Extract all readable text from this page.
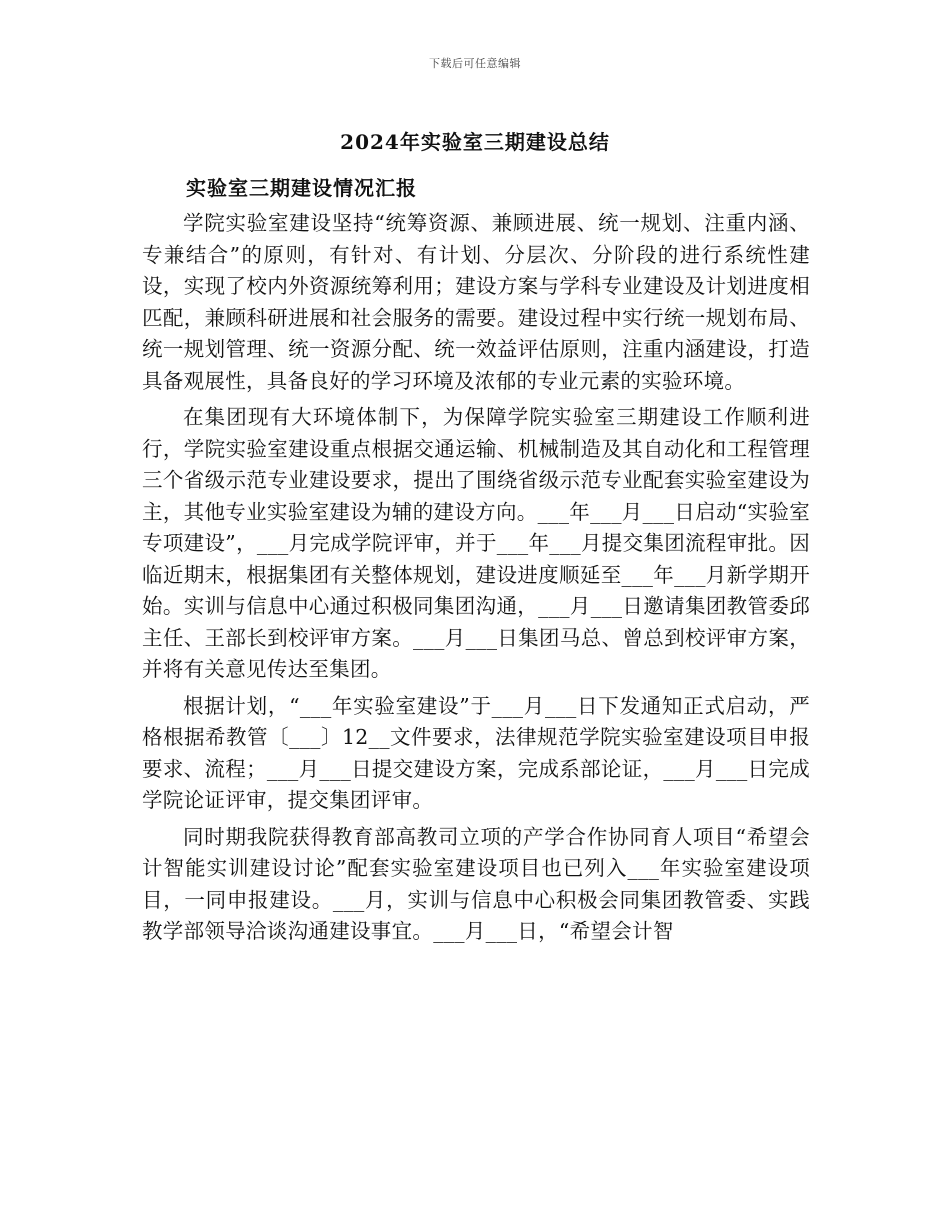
下载后可任意编辑
2024年实验室三期建设总结
实验室三期建设情况汇报

学院实验室建设坚持“统筹资源、兼顾进展、统一规划、注重内涵、专兼结合”的原则，有针对、有计划、分层次、分阶段的进行系统性建设，实现了校内外资源统筹利用；建设方案与学科专业建设及计划进度相匹配，兼顾科研进展和社会服务的需要。建设过程中实行统一规划布局、统一规划管理、统一资源分配、统一效益评估原则，注重内涵建设，打造具备观展性，具备良好的学习环境及浓郁的专业元素的实验环境。

在集团现有大环境体制下，为保障学院实验室三期建设工作顺利进行，学院实验室建设重点根据交通运输、机械制造及其自动化和工程管理三个省级示范专业建设要求，提出了围绕省级示范专业配套实验室建设为主，其他专业实验室建设为辅的建设方向。___年___月___日启动“实验室专项建设”，___月完成学院评审，并于___年___月提交集团流程审批。因临近期末，根据集团有关整体规划，建设进度顺延至___年___月新学期开始。实训与信息中心通过积极同集团沟通，___月___日邀请集团教管委邱主任、王部长到校评审方案。___月___日集团马总、曾总到校评审方案，并将有关意见传达至集团。

根据计划，“___年实验室建设”于___月___日下发通知正式启动，严格根据希教管〔___〕12__文件要求，法律规范学院实验室建设项目申报要求、流程；___月___日提交建设方案，完成系部论证，___月___日完成学院论证评审，提交集团评审。

同时期我院获得教育部高教司立项的产学合作协同育人项目“希望会计智能实训建设讨论”配套实验室建设项目也已列入___年实验室建设项目，一同申报建设。___月，实训与信息中心积极会同集团教管委、实践教学部领导洽谈沟通建设事宜。___月___日，“希望会计智
